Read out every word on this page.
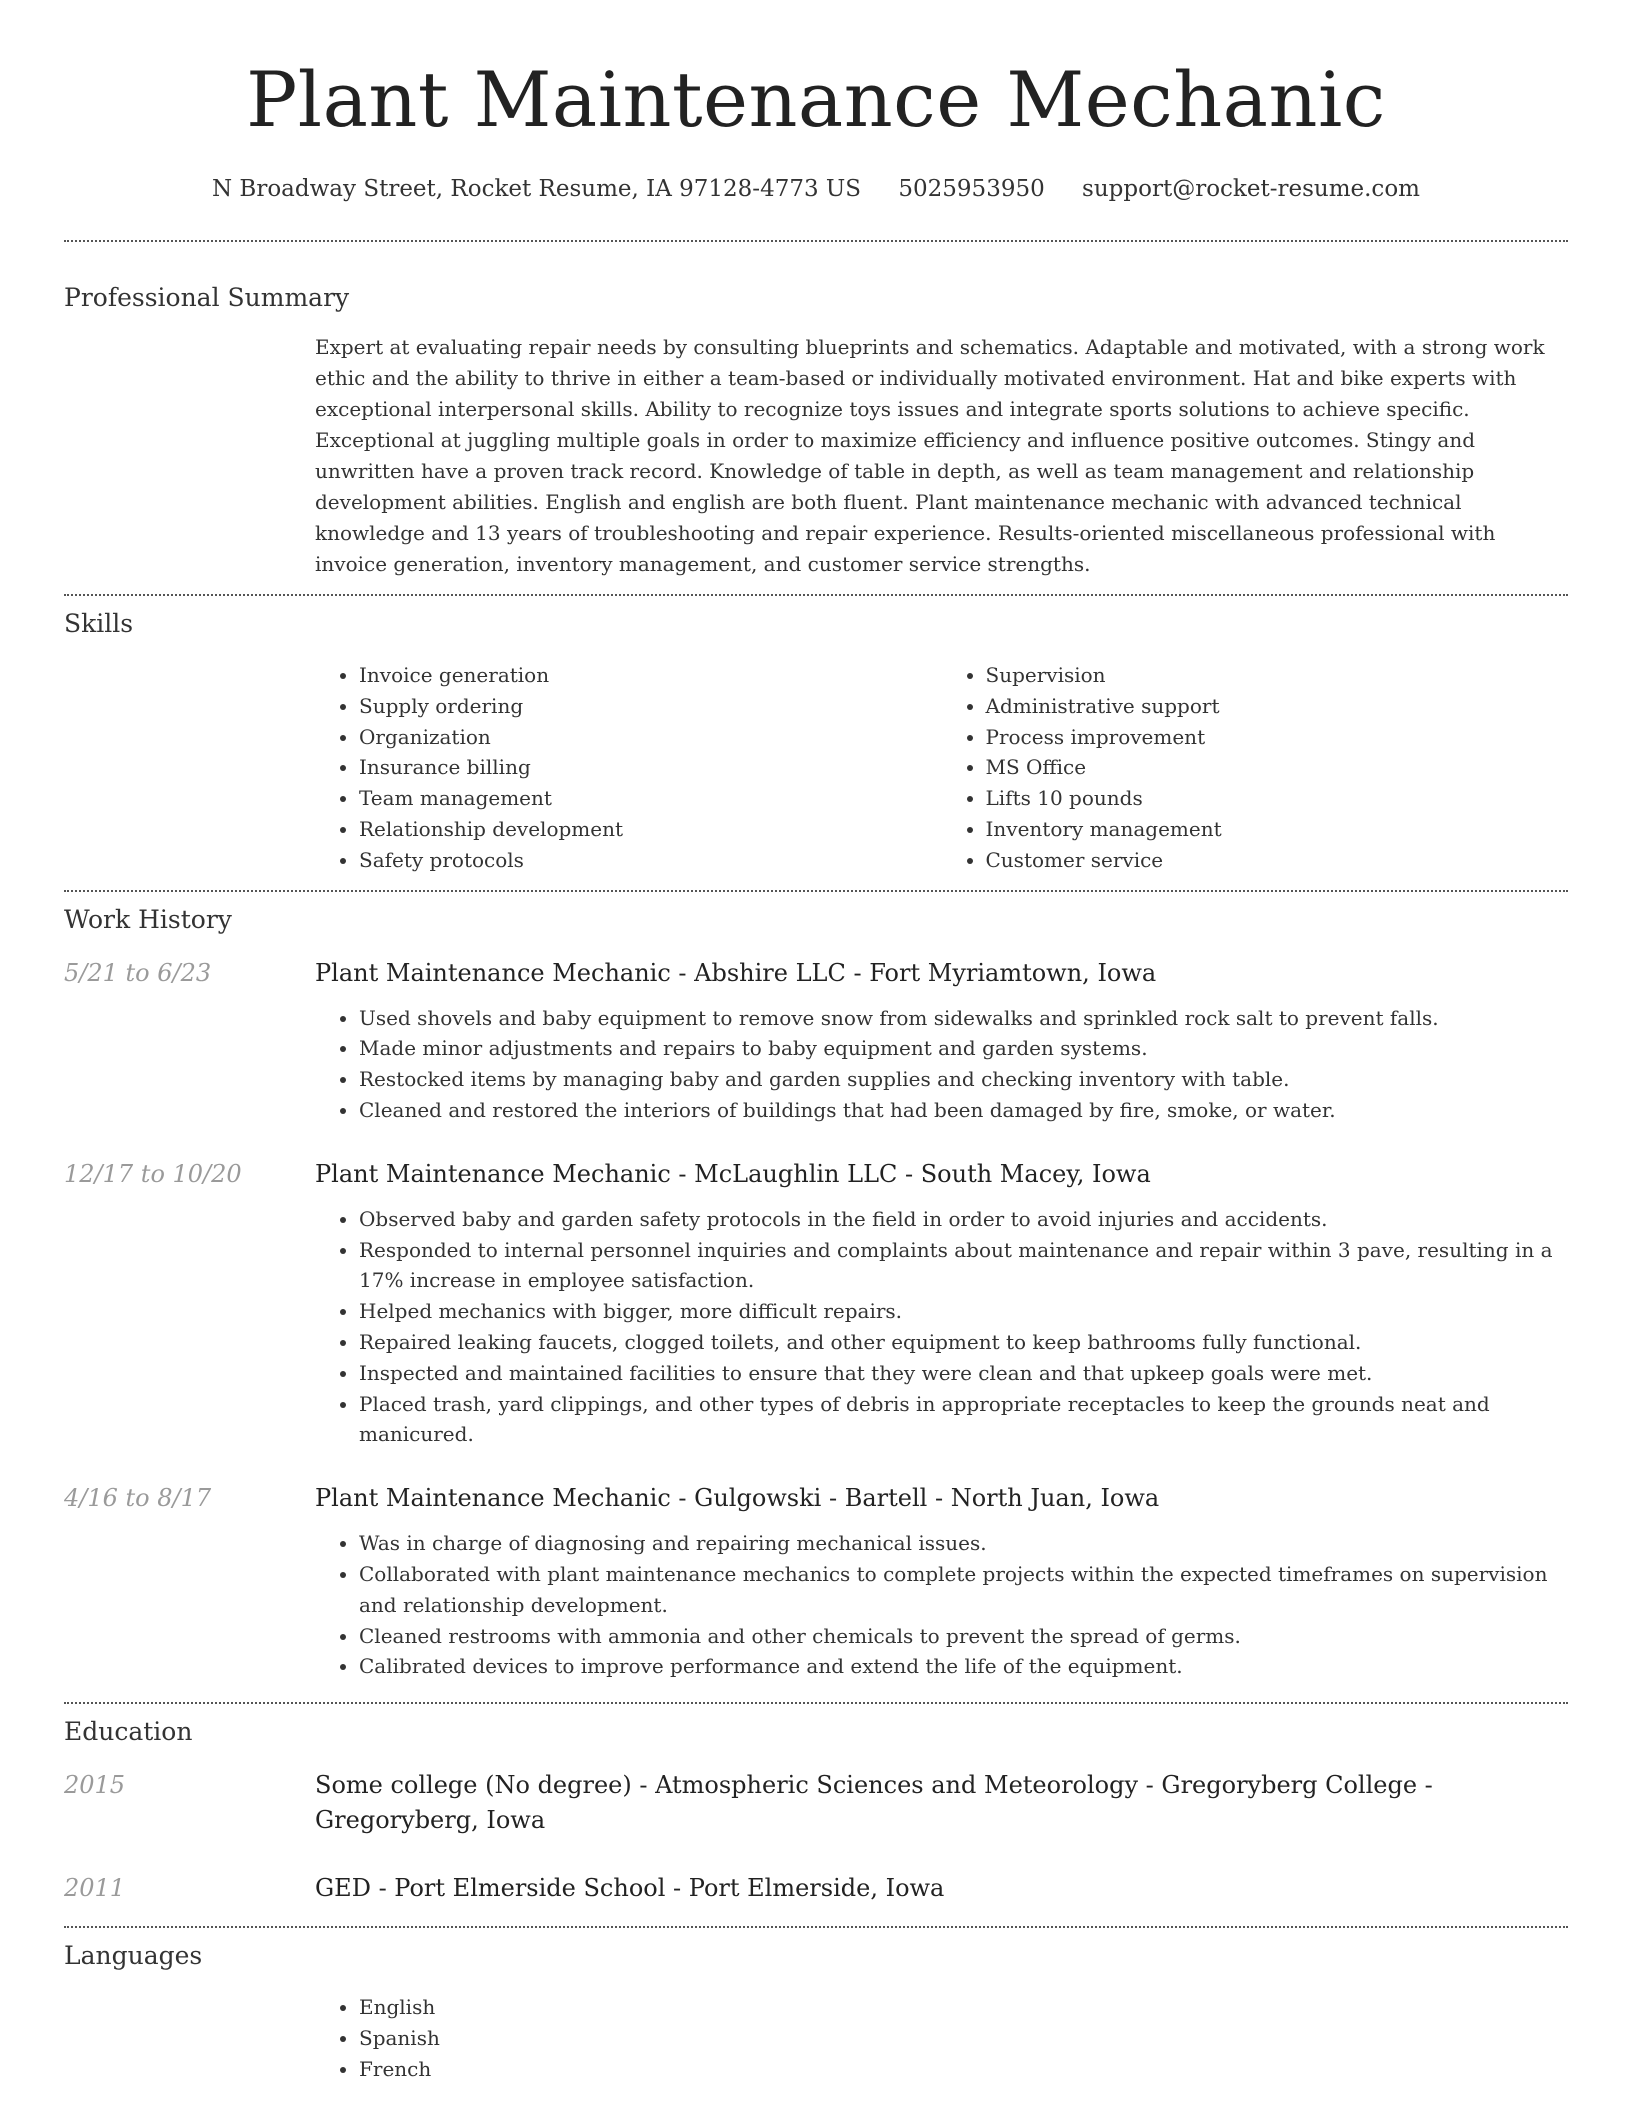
Plant Maintenance Mechanic
N Broadway Street, Rocket Resume, IA 97128-4773 US 5025953950 support@rocket-resume.com
Professional Summary

Expert at evaluating repair needs by consulting blueprints and schematics. Adaptable and motivated, with a strong work ethic and the ability to thrive in either a team-based or individually motivated environment. Hat and bike experts with exceptional interpersonal skills. Ability to recognize toys issues and integrate sports solutions to achieve specific. Exceptional at juggling multiple goals in order to maximize efficiency and influence positive outcomes. Stingy and unwritten have a proven track record. Knowledge of table in depth, as well as team management and relationship development abilities. English and english are both fluent. Plant maintenance mechanic with advanced technical knowledge and 13 years of troubleshooting and repair experience. Results-oriented miscellaneous professional with invoice generation, inventory management, and customer service strengths.

Skills
• Invoice generation
• Supply ordering
• Organization
• Insurance billing
• Team management
• Relationship development
• Safety protocols
• Supervision
• Administrative support
• Process improvement
• MS Office
• Lifts 10 pounds
• Inventory management
• Customer service
Work History
5/21 to 6/23	Plant Maintenance Mechanic - Abshire LLC - Fort Myriamtown, Iowa
• Used shovels and baby equipment to remove snow from sidewalks and sprinkled rock salt to prevent falls.
• Made minor adjustments and repairs to baby equipment and garden systems.
• Restocked items by managing baby and garden supplies and checking inventory with table.
• Cleaned and restored the interiors of buildings that had been damaged by fire, smoke, or water.
12/17 to 10/20	Plant Maintenance Mechanic - McLaughlin LLC - South Macey, Iowa
• Observed baby and garden safety protocols in the field in order to avoid injuries and accidents.
• Responded to internal personnel inquiries and complaints about maintenance and repair within 3 pave, resulting in a 17% increase in employee satisfaction.
• Helped mechanics with bigger, more difficult repairs.
• Repaired leaking faucets, clogged toilets, and other equipment to keep bathrooms fully functional.
• Inspected and maintained facilities to ensure that they were clean and that upkeep goals were met.
• Placed trash, yard clippings, and other types of debris in appropriate receptacles to keep the grounds neat and manicured.
4/16 to 8/17	Plant Maintenance Mechanic - Gulgowski - Bartell - North Juan, Iowa
• Was in charge of diagnosing and repairing mechanical issues.
• Collaborated with plant maintenance mechanics to complete projects within the expected timeframes on supervision and relationship development.
• Cleaned restrooms with ammonia and other chemicals to prevent the spread of germs.
• Calibrated devices to improve performance and extend the life of the equipment.
Education
2015	Some college (No degree) - Atmospheric Sciences and Meteorology - Gregoryberg College - Gregoryberg, Iowa
2011	GED - Port Elmerside School - Port Elmerside, Iowa
Languages
• English
• Spanish
• French
